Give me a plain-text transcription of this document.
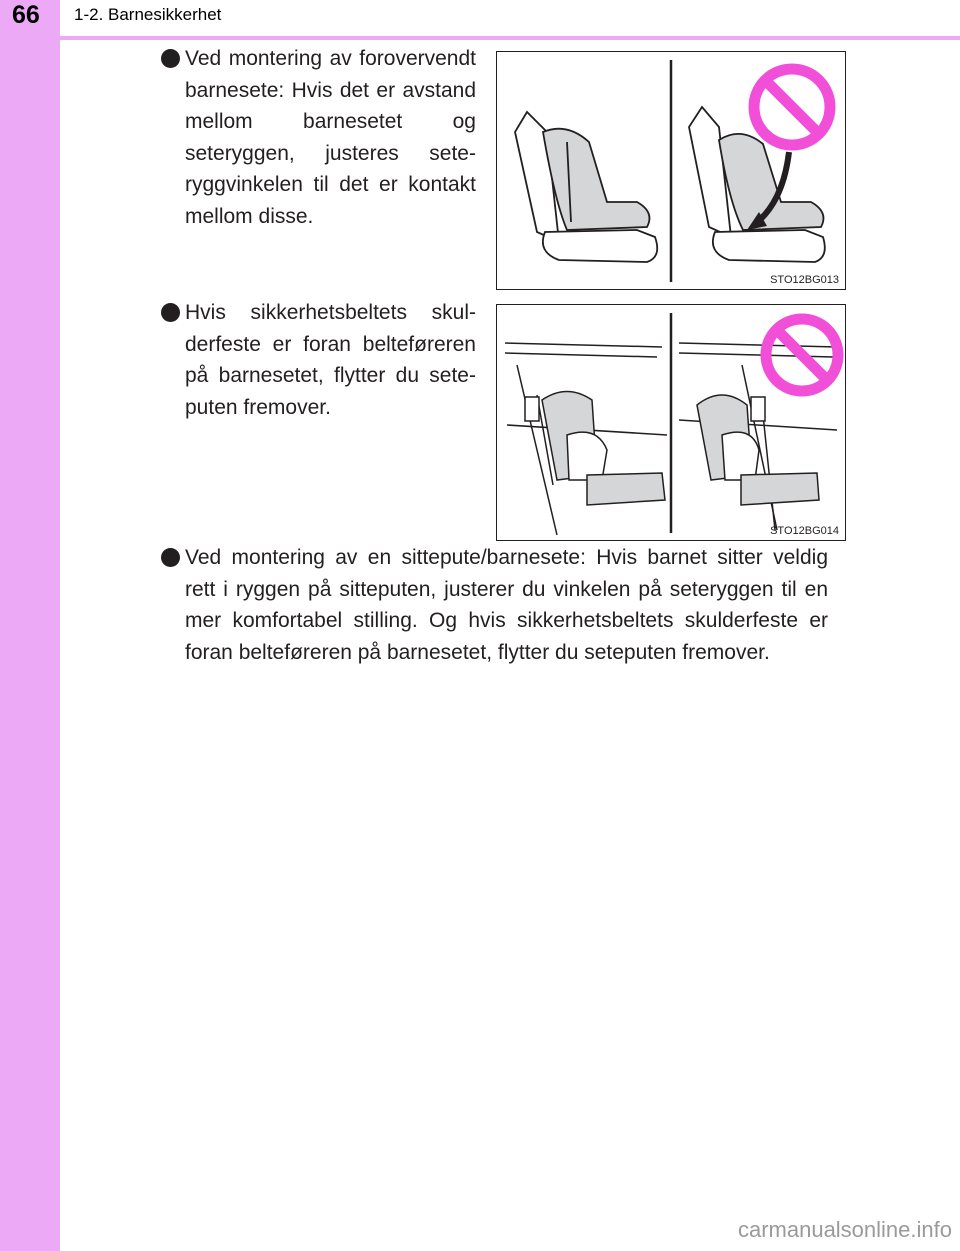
66	1-2. Barnesikkerhet

Ved montering av forovervendt barnesete: Hvis det er avstand mellom barnesetet og seteryggen, justeres seteryggvinkelen til det er kontakt mellom disse.

STO12BG013

Hvis sikkerhetsbeltets skulderfeste er foran belteføreren på barnesetet, flytter du seteputen fremover.

STO12BG014

Ved montering av en sittepute/barnesete: Hvis barnet sitter veldig rett i ryggen på sitteputen, justerer du vinkelen på seteryggen til en mer komfortabel stilling. Og hvis sikkerhetsbeltets skulderfeste er foran belteføreren på barnesetet, flytter du seteputen fremover.

carmanualsonline.info
